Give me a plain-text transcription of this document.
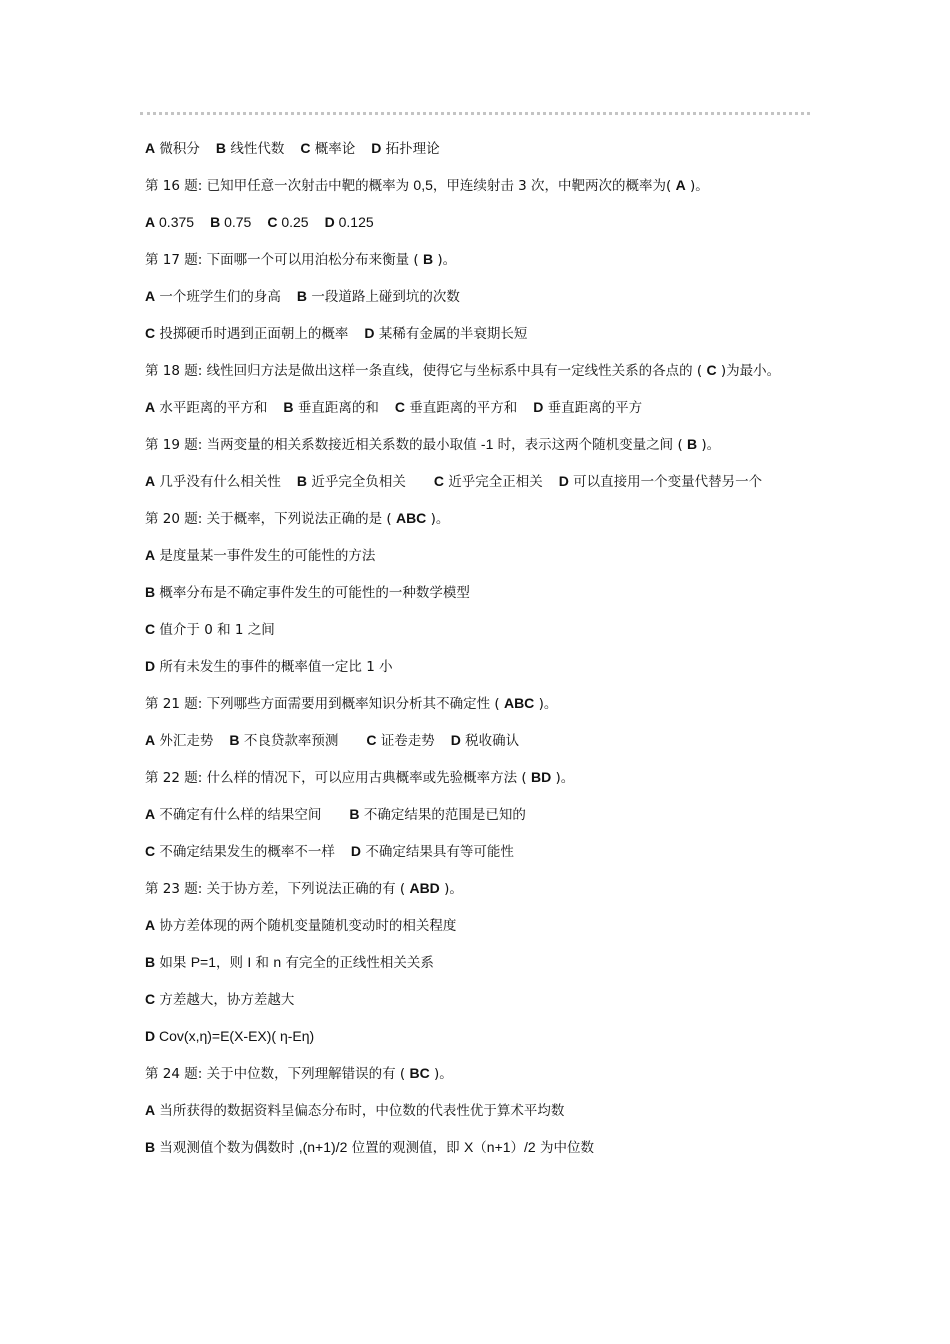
A 微积分 B 线性代数 C 概率论 D 拓扑理论
第 16 题: 已知甲任意一次射击中靶的概率为 0,5，甲连续射击 3 次，中靶两次的概率为( A )。
A 0.375 B 0.75 C 0.25 D 0.125
第 17 题: 下面哪一个可以用泊松分布来衡量 ( B )。
A 一个班学生们的身高 B 一段道路上碰到坑的次数
C 投掷硬币时遇到正面朝上的概率 D 某稀有金属的半衰期长短
第 18 题: 线性回归方法是做出这样一条直线，使得它与坐标系中具有一定线性关系的各点的 ( C )为最小。
A 水平距离的平方和 B 垂直距离的和 C 垂直距离的平方和 D 垂直距离的平方
第 19 题: 当两变量的相关系数接近相关系数的最小取值 -1 时，表示这两个随机变量之间 ( B )。
A 几乎没有什么相关性 B 近乎完全负相关 C 近乎完全正相关 D 可以直接用一个变量代替另一个
第 20 题: 关于概率，下列说法正确的是 ( ABC )。
A 是度量某一事件发生的可能性的方法
B 概率分布是不确定事件发生的可能性的一种数学模型
C 值介于 0 和 1 之间
D 所有未发生的事件的概率值一定比 1 小
第 21 题: 下列哪些方面需要用到概率知识分析其不确定性 ( ABC )。
A 外汇走势 B 不良贷款率预测 C 证卷走势 D 税收确认
第 22 题: 什么样的情况下，可以应用古典概率或先验概率方法 ( BD )。
A 不确定有什么样的结果空间 B 不确定结果的范围是已知的
C 不确定结果发生的概率不一样 D 不确定结果具有等可能性
第 23 题: 关于协方差，下列说法正确的有 ( ABD )。
A 协方差体现的两个随机变量随机变动时的相关程度
B 如果 P=1，则 I 和 n 有完全的正线性相关关系
C 方差越大，协方差越大
D Cov(x,η)=E(X-EX)( η-Eη)
第 24 题: 关于中位数，下列理解错误的有 ( BC )。
A 当所获得的数据资料呈偏态分布时，中位数的代表性优于算术平均数
B 当观测值个数为偶数时 ,(n+1)/2 位置的观测值，即 X（n+1）/2 为中位数
